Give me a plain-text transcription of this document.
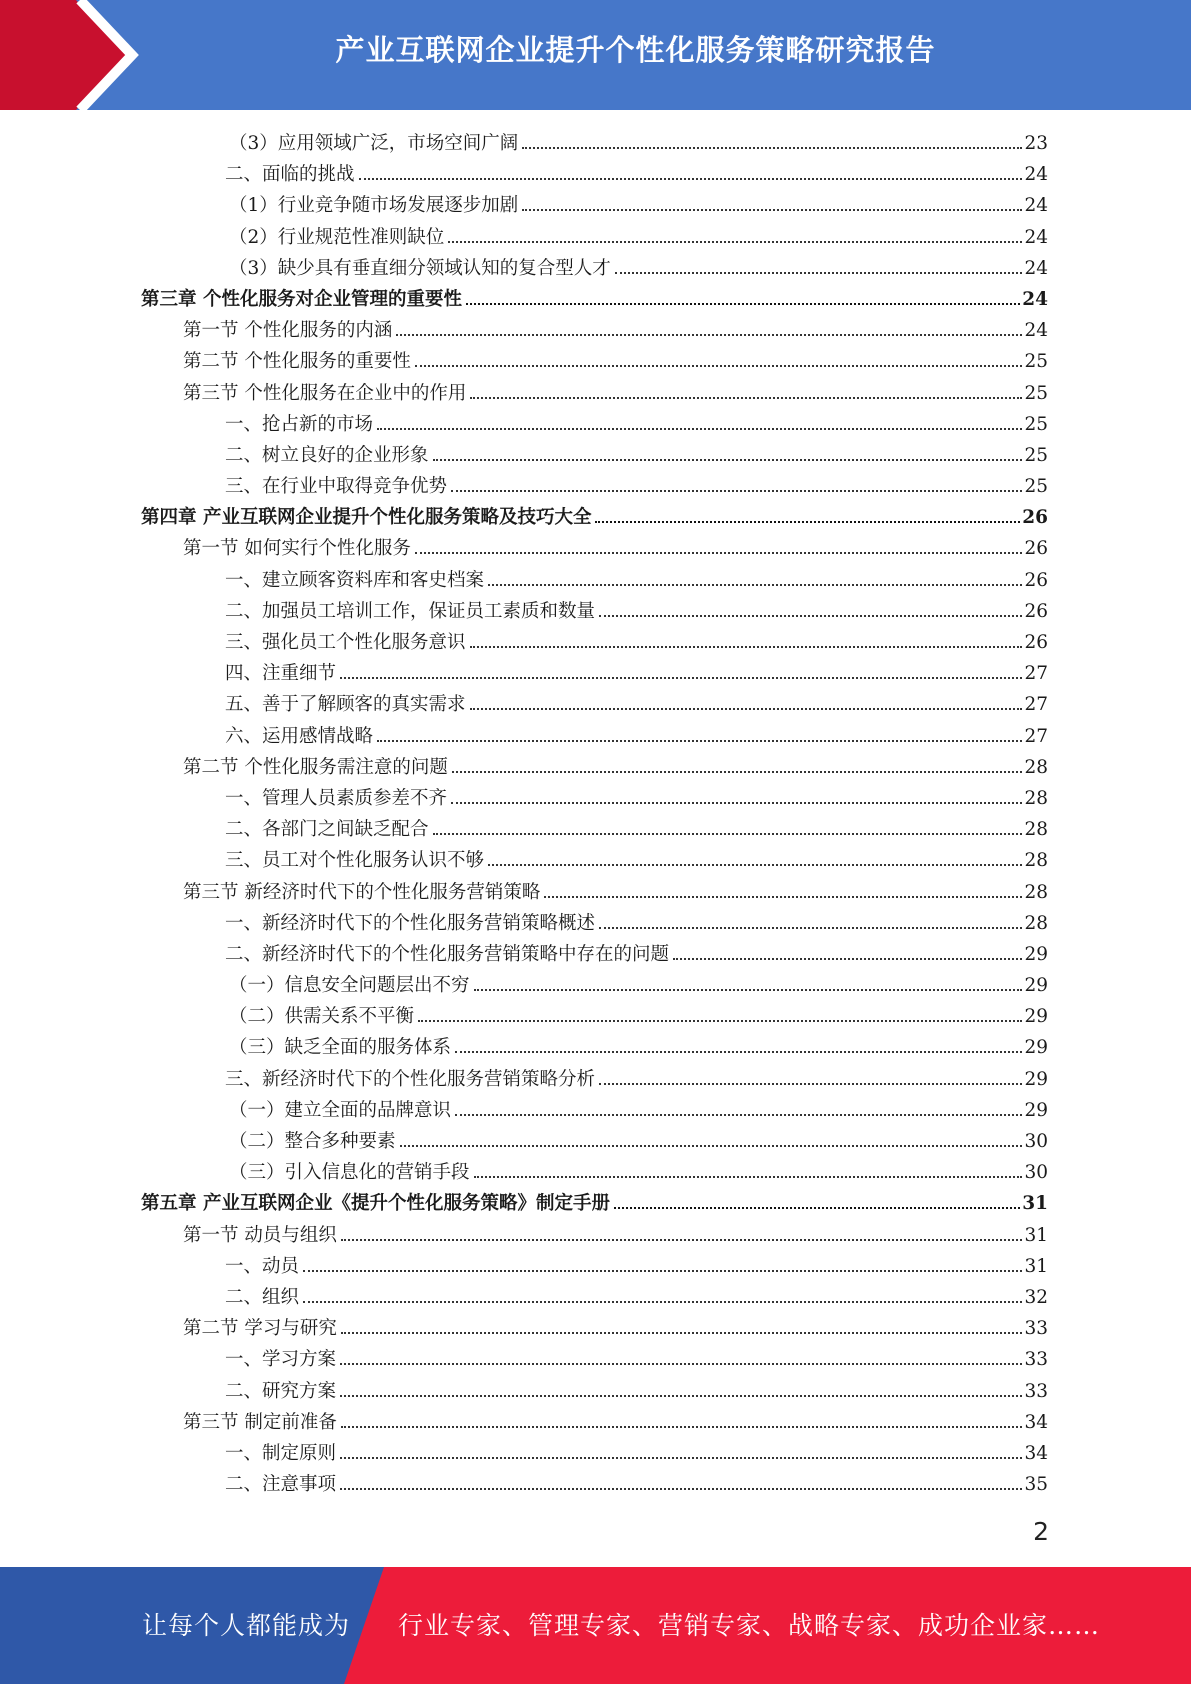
产业互联网企业提升个性化服务策略研究报告
（3）应用领域广泛，市场空间广阔	23
二、面临的挑战	24
（1）行业竞争随市场发展逐步加剧	24
（2）行业规范性准则缺位	24
（3）缺少具有垂直细分领域认知的复合型人才	24
第三章 个性化服务对企业管理的重要性	24
第一节 个性化服务的内涵	24
第二节 个性化服务的重要性	25
第三节 个性化服务在企业中的作用	25
一、抢占新的市场	25
二、树立良好的企业形象	25
三、在行业中取得竞争优势	25
第四章 产业互联网企业提升个性化服务策略及技巧大全	26
第一节 如何实行个性化服务	26
一、建立顾客资料库和客史档案	26
二、加强员工培训工作，保证员工素质和数量	26
三、强化员工个性化服务意识	26
四、注重细节	27
五、善于了解顾客的真实需求	27
六、运用感情战略	27
第二节 个性化服务需注意的问题	28
一、管理人员素质参差不齐	28
二、各部门之间缺乏配合	28
三、员工对个性化服务认识不够	28
第三节 新经济时代下的个性化服务营销策略	28
一、新经济时代下的个性化服务营销策略概述	28
二、新经济时代下的个性化服务营销策略中存在的问题	29
（一）信息安全问题层出不穷	29
（二）供需关系不平衡	29
（三）缺乏全面的服务体系	29
三、新经济时代下的个性化服务营销策略分析	29
（一）建立全面的品牌意识	29
（二）整合多种要素	30
（三）引入信息化的营销手段	30
第五章 产业互联网企业《提升个性化服务策略》制定手册	31
第一节 动员与组织	31
一、动员	31
二、组织	32
第二节 学习与研究	33
一、学习方案	33
二、研究方案	33
第三节 制定前准备	34
一、制定原则	34
二、注意事项	35
2
让每个人都能成为 行业专家、管理专家、营销专家、战略专家、成功企业家……
